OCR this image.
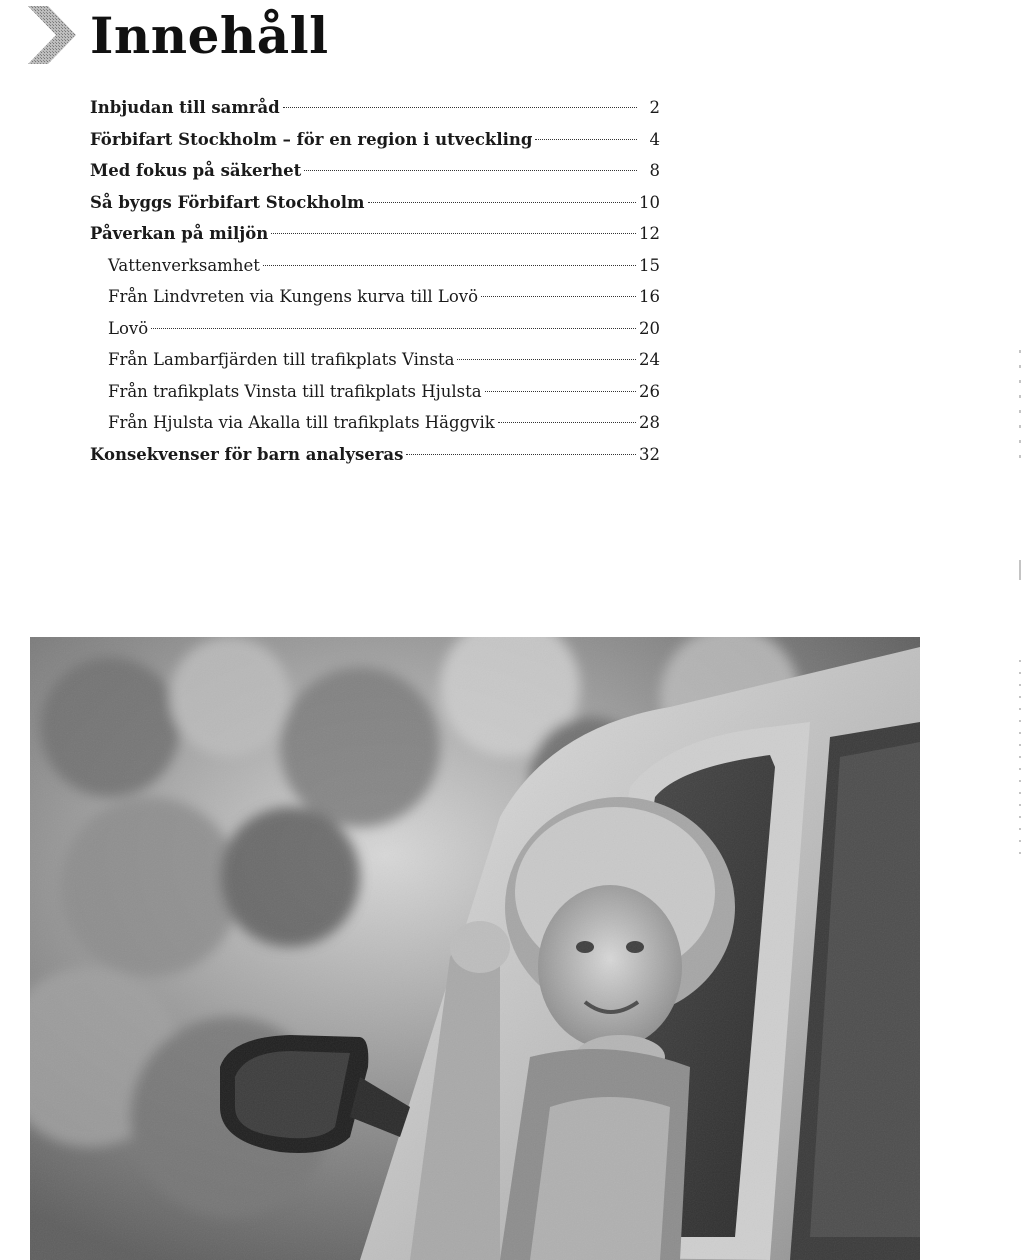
Innehåll
Inbjudan till samråd	2
Förbifart Stockholm – för en region i utveckling	4
Med fokus på säkerhet	8
Så byggs Förbifart Stockholm	10
Påverkan på miljön	12
Vattenverksamhet	15
Från Lindvreten via Kungens kurva till Lovö	16
Lovö	20
Från Lambarfjärden till trafikplats Vinsta	24
Från trafikplats Vinsta till trafikplats Hjulsta	26
Från Hjulsta via Akalla till trafikplats Häggvik	28
Konsekvenser för barn analyseras	32
